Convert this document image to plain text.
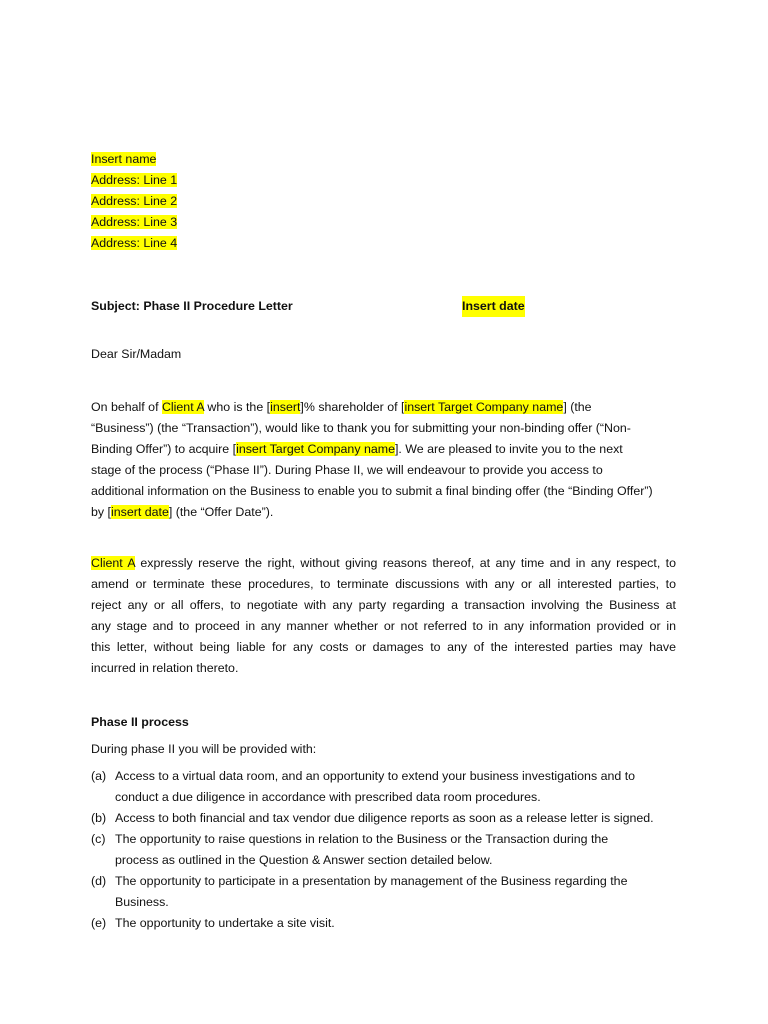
Insert name
Address: Line 1
Address: Line 2
Address: Line 3
Address: Line 4
Subject: Phase II Procedure Letter	Insert date
Dear Sir/Madam
On behalf of Client A who is the [insert]% shareholder of [insert Target Company name] (the
“Business”) (the “Transaction”), would like to thank you for submitting your non-binding offer (“Non-
Binding Offer”) to acquire [insert Target Company name]. We are pleased to invite you to the next
stage of the process (“Phase II”). During Phase II, we will endeavour to provide you access to
additional information on the Business to enable you to submit a final binding offer (the “Binding Offer”)
by [insert date] (the “Offer Date”).
Client A expressly reserve the right, without giving reasons thereof, at any time and in any respect, to
amend or terminate these procedures, to terminate discussions with any or all interested parties, to
reject any or all offers, to negotiate with any party regarding a transaction involving the Business at
any stage and to proceed in any manner whether or not referred to in any information provided or in
this letter, without being liable for any costs or damages to any of the interested parties may have
incurred in relation thereto.
Phase II process
During phase II you will be provided with:
(a) Access to a virtual data room, and an opportunity to extend your business investigations and to
conduct a due diligence in accordance with prescribed data room procedures.
(b) Access to both financial and tax vendor due diligence reports as soon as a release letter is signed.
(c) The opportunity to raise questions in relation to the Business or the Transaction during the
process as outlined in the Question & Answer section detailed below.
(d) The opportunity to participate in a presentation by management of the Business regarding the
Business.
(e) The opportunity to undertake a site visit.
